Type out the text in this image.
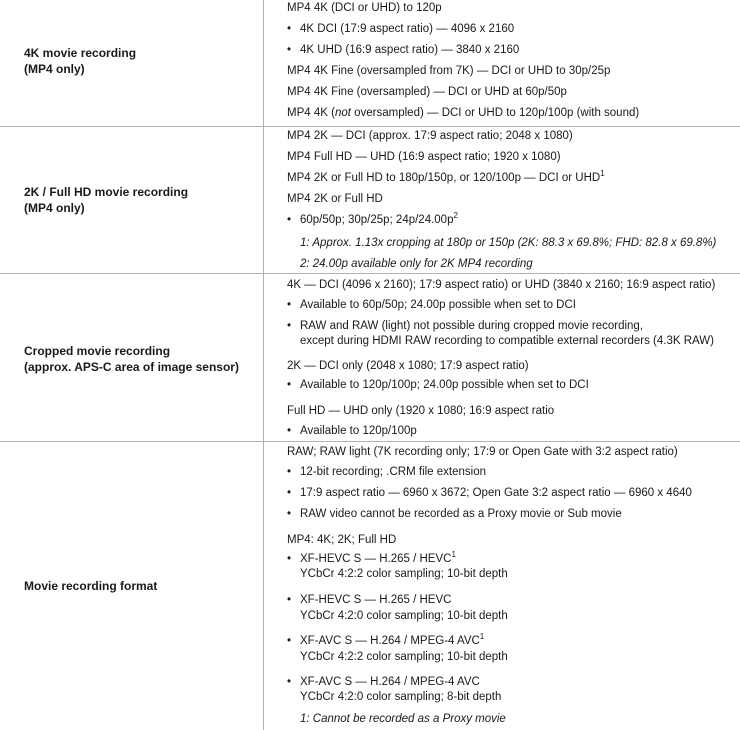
4K movie recording
(MP4 only)
MP4 4K (DCI or UHD) to 120p
• 4K DCI (17:9 aspect ratio) — 4096 x 2160
• 4K UHD (16:9 aspect ratio) — 3840 x 2160
MP4 4K Fine (oversampled from 7K) — DCI or UHD to 30p/25p
MP4 4K Fine (oversampled) — DCI or UHD at 60p/50p
MP4 4K (not oversampled) — DCI or UHD to 120p/100p (with sound)
2K / Full HD movie recording
(MP4 only)
MP4 2K — DCI (approx. 17:9 aspect ratio; 2048 x 1080)
MP4 Full HD — UHD (16:9 aspect ratio; 1920 x 1080)
MP4 2K or Full HD to 180p/150p, or 120/100p — DCI or UHD$^1$
MP4 2K or Full HD
• 60p/50p; 30p/25p; $24p/24.00p^2$
1: Approx. 1.13x cropping at 180p or 150p (2K: 88.3 x 69.8%; FHD: 82.8 x 69.8%)
2: 24.00p available only for 2K MP4 recording
Cropped movie recording
(approx. APS-C area of image sensor)
4K — DCI (4096 x 2160); 17:9 aspect ratio) or UHD (3840 x 2160; 16:9 aspect ratio)
• Available to 60p/50p; 24.00p possible when set to DCI
• RAW and RAW (light) not possible during cropped movie recording,
except during HDMI RAW recording to compatible external recorders (4.3K RAW)
2K — DCI only (2048 x 1080; 17:9 aspect ratio)
• Available to 120p/100p; 24.00p possible when set to DCI
Full HD — UHD only (1920 x 1080; 16:9 aspect ratio
• Available to 120p/100p
Movie recording format
RAW; RAW light (7K recording only; 17:9 or Open Gate with 3:2 aspect ratio)
• 12-bit recording; .CRM file extension
• 17:9 aspect ratio — 6960 x 3672; Open Gate 3:2 aspect ratio — 6960 x 4640
• RAW video cannot be recorded as a Proxy movie or Sub movie
MP4: 4K; 2K; Full HD
• XF-HEVC S — H.265 / HEVC$^1$
YCbCr 4:2:2 color sampling; 10-bit depth
• XF-HEVC S — H.265 / HEVC
YCbCr 4:2:0 color sampling; 10-bit depth
• XF-AVC S — H.264 / MPEG-4 AVC$^1$
YCbCr 4:2:2 color sampling; 10-bit depth
• XF-AVC S — H.264 / MPEG-4 AVC
YCbCr 4:2:0 color sampling; 8-bit depth
1: Cannot be recorded as a Proxy movie
